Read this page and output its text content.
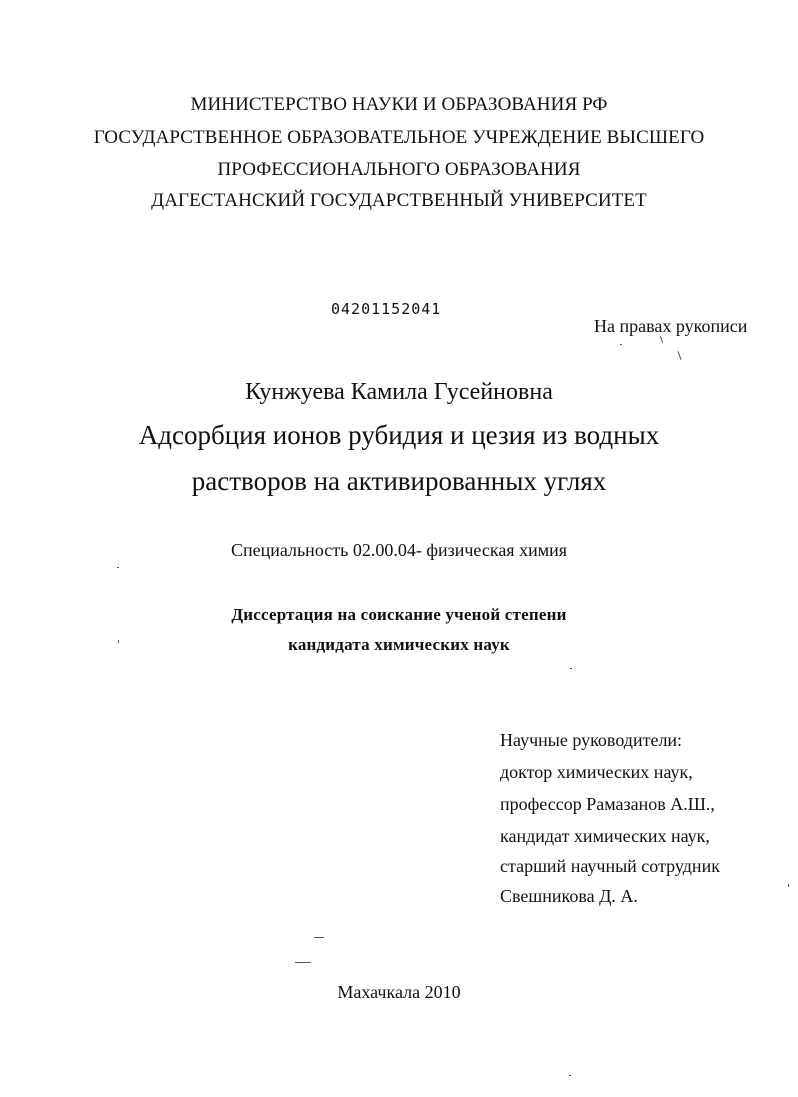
МИНИСТЕРСТВО НАУКИ И ОБРАЗОВАНИЯ РФ
ГОСУДАРСТВЕННОЕ ОБРАЗОВАТЕЛЬНОЕ УЧРЕЖДЕНИЕ ВЫСШЕГО
ПРОФЕССИОНАЛЬНОГО ОБРАЗОВАНИЯ
ДАГЕСТАНСКИЙ ГОСУДАРСТВЕННЫЙ УНИВЕРСИТЕТ
04201152041
На правах рукописи
Кунжуева Камила Гусейновна
Адсорбция ионов рубидия и цезия из водных
растворов на активированных углях
Специальность 02.00.04- физическая химия
Диссертация на соискание ученой степени
кандидата химических наук
Научные руководители:
доктор химических наук,
профессор Рамазанов А.Ш.,
кандидат химических наук,
старший научный сотрудник
Свешникова Д. А.
Махачкала 2010
